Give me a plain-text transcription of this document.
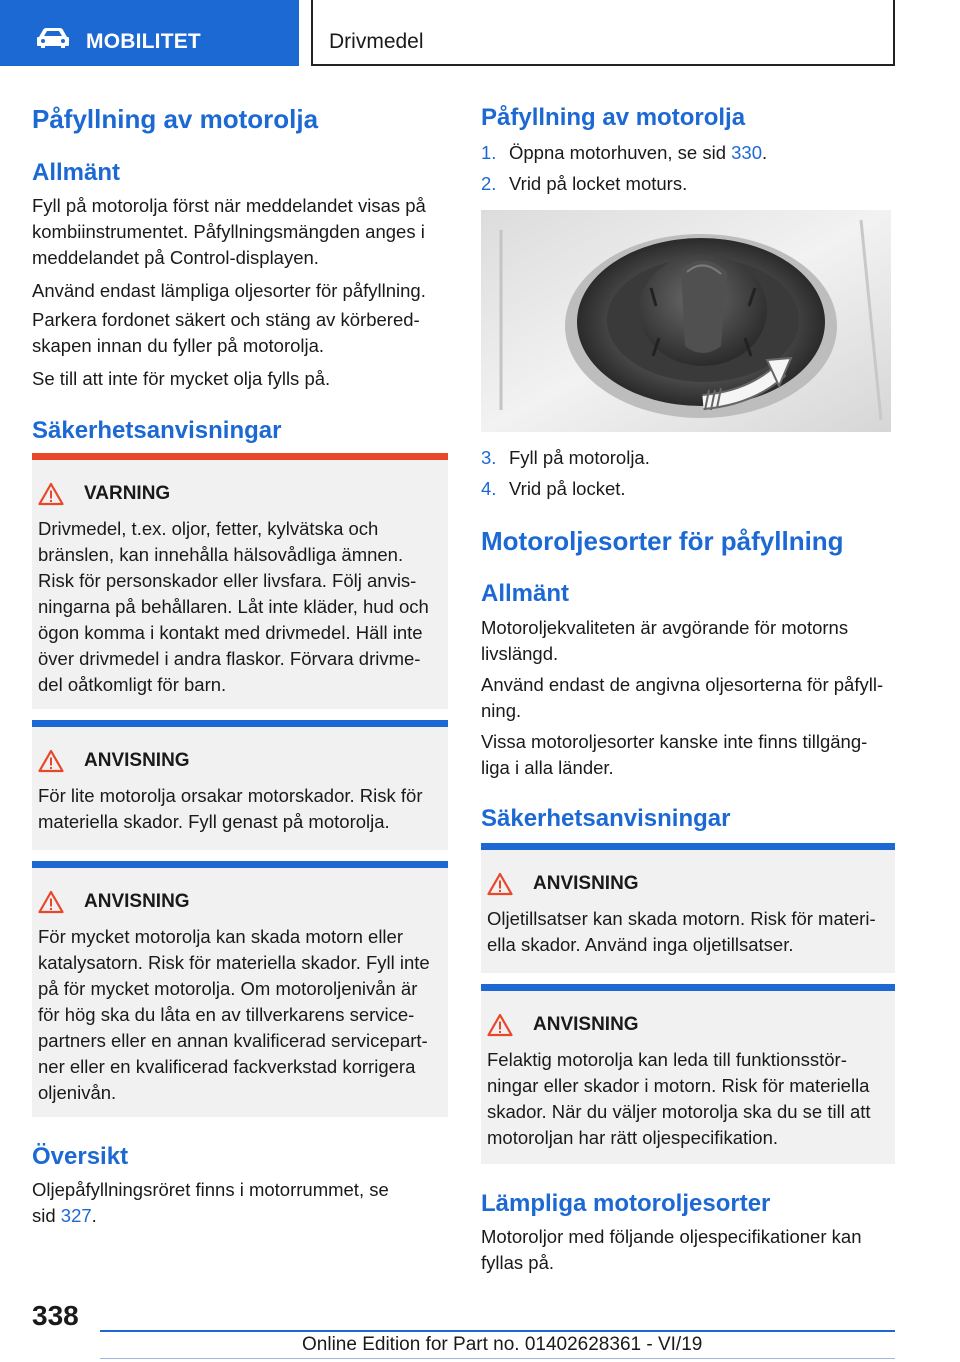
MOBILITET	Drivmedel
Påfyllning av motorolja
Allmänt

Fyll på motorolja först när meddelandet visas på
kombiinstrumentet. Påfyllningsmängden anges i
meddelandet på Control-displayen.

Använd endast lämpliga oljesorter för påfyllning.

Parkera fordonet säkert och stäng av körbered-
skapen innan du fyller på motorolja.

Se till att inte för mycket olja fylls på.

Säkerhetsanvisningar
VARNING
Drivmedel, t.ex. oljor, fetter, kylvätska och
bränslen, kan innehålla hälsovådliga ämnen.
Risk för personskador eller livsfara. Följ anvis-
ningarna på behållaren. Låt inte kläder, hud och
ögon komma i kontakt med drivmedel. Häll inte
över drivmedel i andra flaskor. Förvara drivme-
del oåtkomligt för barn.
ANVISNING
För lite motorolja orsakar motorskador. Risk för
materiella skador. Fyll genast på motorolja.
ANVISNING
För mycket motorolja kan skada motorn eller
katalysatorn. Risk för materiella skador. Fyll inte
på för mycket motorolja. Om motoroljenivån är
för hög ska du låta en av tillverkarens service-
partners eller en annan kvalificerad servicepart-
ner eller en kvalificerad fackverkstad korrigera
oljenivån.
Översikt

Oljepåfyllningsröret finns i motorrummet, se
sid 327.

Påfyllning av motorolja
1. Öppna motorhuven, se sid 330.
2. Vrid på locket moturs.
3. Fyll på motorolja.
4. Vrid på locket.
Motoroljesorter för påfyllning
Allmänt

Motoroljekvaliteten är avgörande för motorns
livslängd.

Använd endast de angivna oljesorterna för påfyll-
ning.

Vissa motoroljesorter kanske inte finns tillgäng-
liga i alla länder.

Säkerhetsanvisningar
ANVISNING
Oljetillsatser kan skada motorn. Risk för materi-
ella skador. Använd inga oljetillsatser.
ANVISNING
Felaktig motorolja kan leda till funktionsstör-
ningar eller skador i motorn. Risk för materiella
skador. När du väljer motorolja ska du se till att
motoroljan har rätt oljespecifikation.
Lämpliga motoroljesorter

Motoroljor med följande oljespecifikationer kan
fyllas på.

338
Online Edition for Part no. 01402628361 - VI/19
